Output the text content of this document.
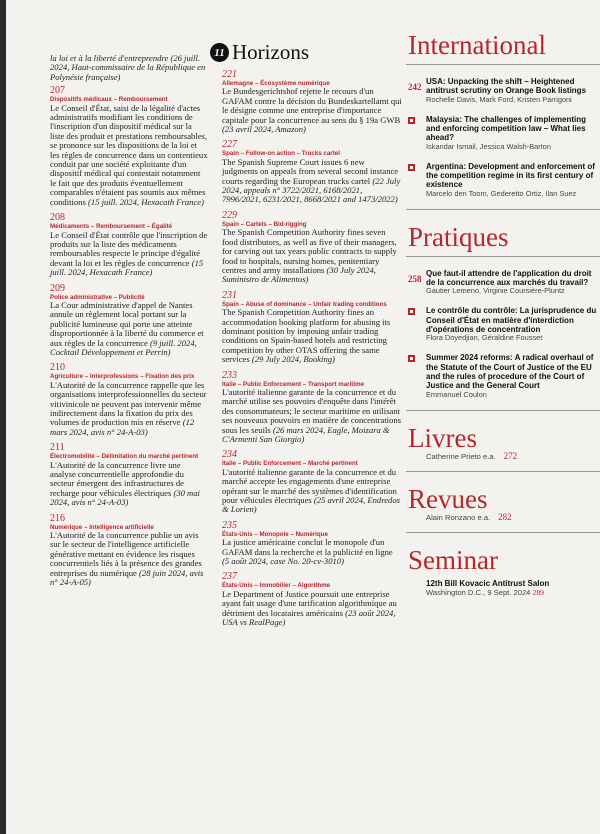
la loi et à la liberté d'entreprendre (26 juill. 2024, Haut-commissaire de la République en Polynésie française)
207
Dispositifs médicaux – Remboursement
Le Conseil d'État, saisi de la légalité d'actes administratifs modifiant les conditions de l'inscription d'un dispositif médical sur la liste des produit et prestations remboursables, se prononce sur les dispositions de la loi et les règles de concurrence dans un contentieux conduit par une société exploitante d'un dispositif médical qui contestait notamment le fait que des produits éventuellement comparables n'étaient pas soumis aux mêmes conditions (15 juill. 2024, Hexacath France)
208
Médicaments – Remboursement – Égalité
Le Conseil d'État contrôle que l'inscription de produits sur la liste des médicaments remboursables respecte le principe d'égalité devant la loi et les règles de concurrence (15 juill. 2024, Hexacath France)
209
Police administrative – Publicité
La Cour administrative d'appel de Nantes annule un règlement local portant sur la publicité lumineuse qui porte une atteinte disproportionnée à la liberté du commerce et aux règles de la concurrence (9 juill. 2024, Cocktail Développement et Perrin)
210
Agriculture – Interprofessions – Fixation des prix
L'Autorité de la concurrence rappelle que les organisations interprofessionnelles du secteur vitivinicole ne peuvent pas intervenir même indirectement dans la fixation du prix des volumes de production mis en réserve (12 mars 2024, avis n° 24-A-03)
211
Électromobilité – Délimitation du marché pertinent
L'Autorité de la concurrence livre une analyse concurrentielle approfondie du secteur émergent des infrastructures de recharge pour véhicules électriques (30 mai 2024, avis n° 24-A-03)
216
Numérique – Intelligence artificielle
L'Autorité de la concurrence publie un avis sur le secteur de l'intelligence artificielle générative mettant en évidence les risques concurrentiels liés à la présence des grandes entreprises du numérique (28 juin 2024, avis n° 24-A-05)
11 Horizons
221
Allemagne – Écosystème numérique
Le Bundesgerichtshof rejette le recours d'un GAFAM contre la décision du Bundeskartellamt qui le désigne comme une entreprise d'importance capitale pour la concurrence au sens du § 19a GWB (23 avril 2024, Amazon)
227
Spain – Follow-on action – Trucks cartel
The Spanish Supreme Court issues 6 new judgments on appeals from several second instance courts regarding the European trucks cartel (22 July 2024, appeals n° 3722/2021, 6168/2021, 7996/2021, 6231/2021, 8668/2021 and 1473/2022)
229
Spain – Cartels – Bid-rigging
The Spanish Competition Authority fines seven food distributors, as well as five of their managers, for carving out tax years public contracts to supply food to hospitals, nursing homes, penitentiary centres and army installations (30 July 2024, Suministro de Alimentos)
231
Spain – Abuse of dominance – Unfair trading conditions
The Spanish Competition Authority fines an accommodation booking platform for abusing its dominant position by imposing unfair trading conditions on Spain-based hotels and restricting competition by other OTAS offering the same services (29 July 2024, Booking)
233
Italie – Public Enforcement – Transport maritime
L'autorité italienne garante de la concurrence et du marché utilise ses pouvoirs d'enquête dans l'intérêt des consommateurs; le secteur maritime en utilisant ses nouveaux pouvoirs en matière de concentrations sous les seuils (26 mars 2024, Eagle, Moizara & C'Armenti San Giorgio)
234
Italie – Public Enforcement – Marché pertinent
L'autorité italienne garante de la concurrence et du marché accepte les engagements d'une entreprise opérant sur le marché des systèmes d'identification pour véhicules électriques (25 avril 2024, Endredos & Lorien)
235
États-Unis – Monopole – Numérique
La justice américaine conclut le monopole d'un GAFAM dans la recherche et la publicité en ligne (5 août 2024, case No. 20-cv-3010)
237
États-Unis – Immobilier – Algorithme
Le Department of Justice poursuit une entreprise ayant fait usage d'une tarification algorithmique au détriment des locataires américains (23 août 2024, USA vs RealPage)
International
242
USA: Unpacking the shift – Heightened antitrust scrutiny on Orange Book listings
Rochelle Davis, Mark Ford, Kristen Parrigoni
Malaysia: The challenges of implementing and enforcing competition law – What lies ahead?
Iskandar Ismail, Jessica Walsh-Barton
Argentina: Development and enforcement of the competition regime in its first century of existence
Marcelo den Toom, Gederetto Ortiz, Ilan Suez
Pratiques
258
Que faut-il attendre de l'application du droit de la concurrence aux marchés du travail?
Gautier Lemeno, Virginie Coursière-Pluntz
Le contrôle du contrôle: La jurisprudence du Conseil d'État en matière d'interdiction d'opérations de concentration
Flora Doyedjian, Géraldine Fousset
Summer 2024 reforms: A radical overhaul of the Statute of the Court of Justice of the EU and the rules of procedure of the Court of Justice and the General Court
Emmanuel Coulon
Livres
Catherine Prieto e.a. 272
Revues
Alain Ronzano e.a. 282
Seminar
12th Bill Kovacic Antitrust Salon
Washington D.C., 9 Sept. 2024 289
